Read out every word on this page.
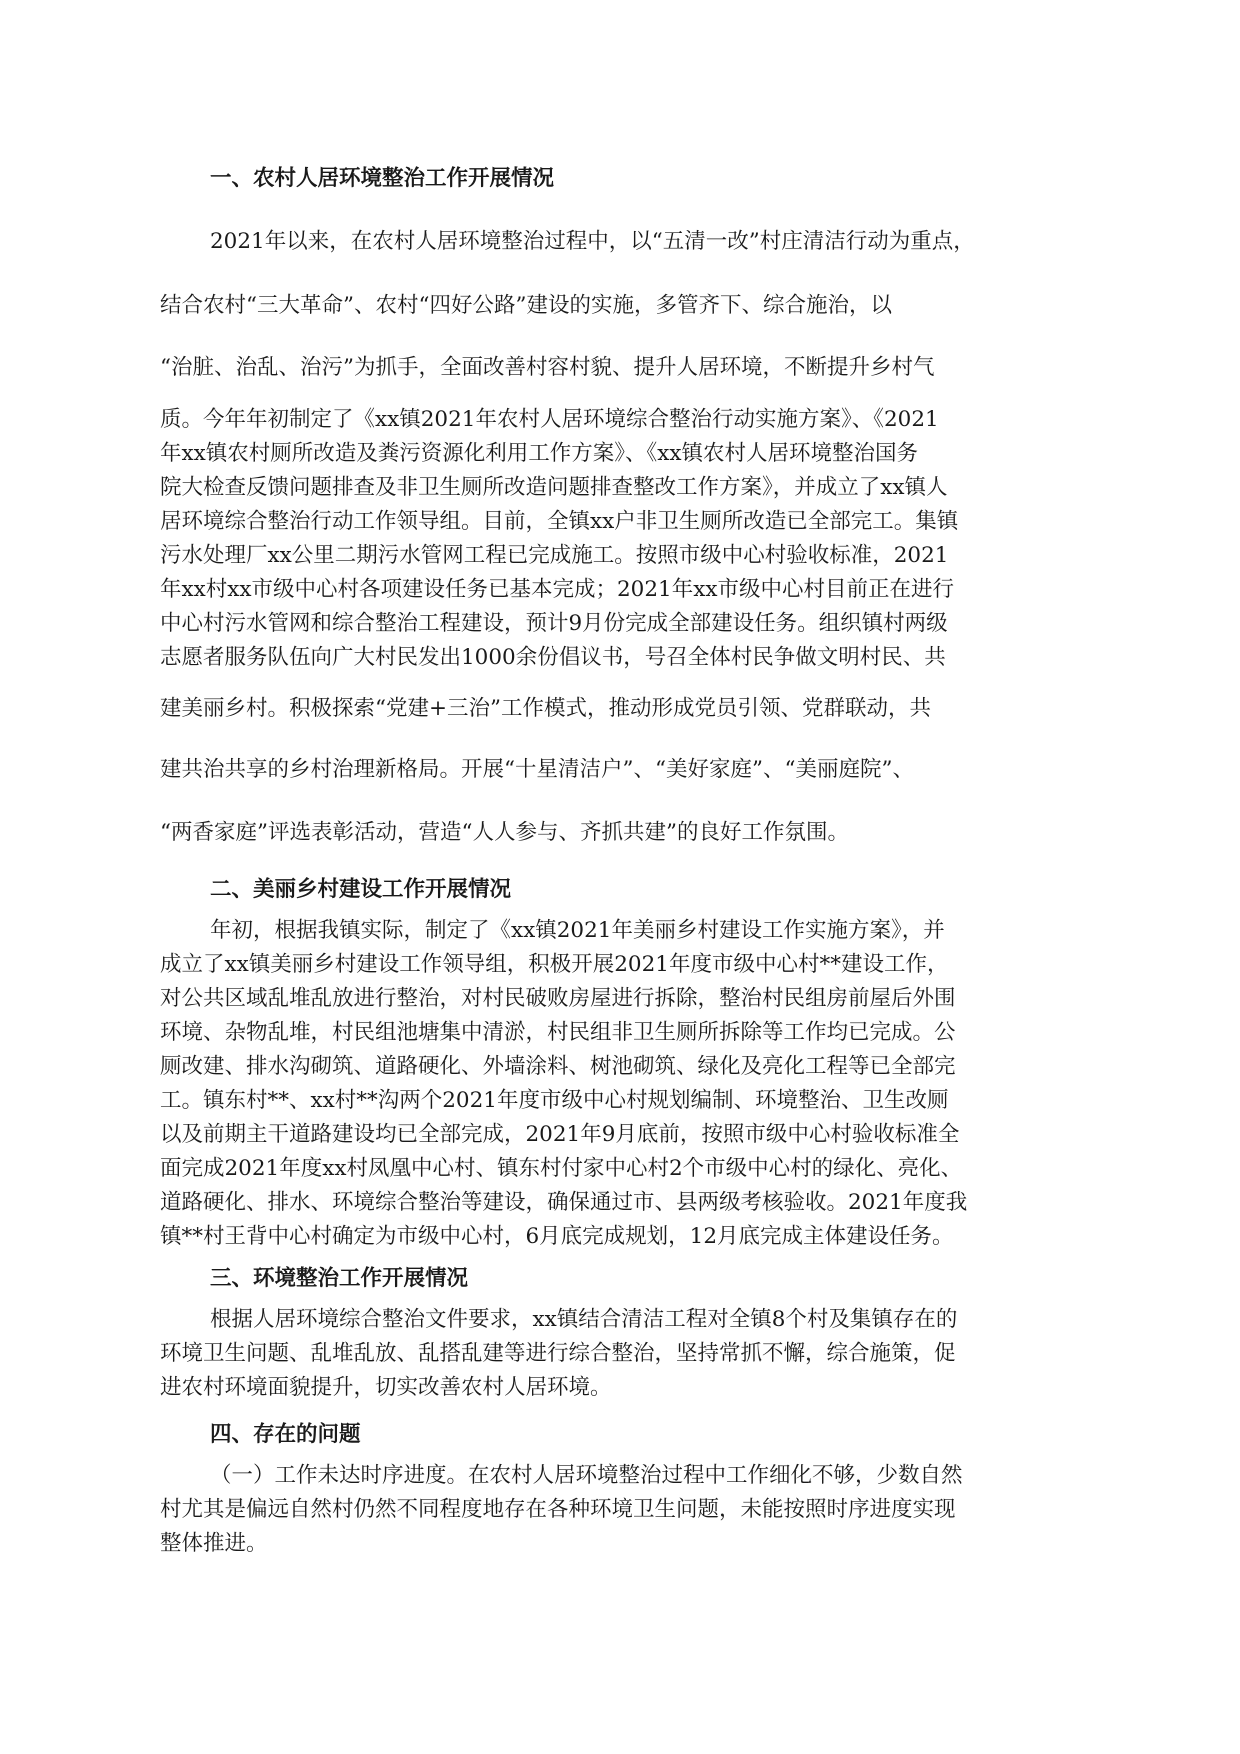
一、农村人居环境整治工作开展情况
2021年以来，在农村人居环境整治过程中，以“五清一改”村庄清洁行动为重点，
结合农村“三大革命”、农村“四好公路”建设的实施，多管齐下、综合施治，以
“治脏、治乱、治污”为抓手，全面改善村容村貌、提升人居环境，不断提升乡村气
质。今年年初制定了《xx镇2021年农村人居环境综合整治行动实施方案》、《2021
年xx镇农村厕所改造及粪污资源化利用工作方案》、《xx镇农村人居环境整治国务
院大检查反馈问题排查及非卫生厕所改造问题排查整改工作方案》，并成立了xx镇人
居环境综合整治行动工作领导组。目前，全镇xx户非卫生厕所改造已全部完工。集镇
污水处理厂xx公里二期污水管网工程已完成施工。按照市级中心村验收标准，2021
年xx村xx市级中心村各项建设任务已基本完成；2021年xx市级中心村目前正在进行
中心村污水管网和综合整治工程建设，预计9月份完成全部建设任务。组织镇村两级
志愿者服务队伍向广大村民发出1000余份倡议书，号召全体村民争做文明村民、共
建美丽乡村。积极探索“党建+三治”工作模式，推动形成党员引领、党群联动，共
建共治共享的乡村治理新格局。开展“十星清洁户”、“美好家庭”、“美丽庭院”、
“两香家庭”评选表彰活动，营造“人人参与、齐抓共建”的良好工作氛围。
二、美丽乡村建设工作开展情况
年初，根据我镇实际，制定了《xx镇2021年美丽乡村建设工作实施方案》，并
成立了xx镇美丽乡村建设工作领导组，积极开展2021年度市级中心村**建设工作，
对公共区域乱堆乱放进行整治，对村民破败房屋进行拆除，整治村民组房前屋后外围
环境、杂物乱堆，村民组池塘集中清淤，村民组非卫生厕所拆除等工作均已完成。公
厕改建、排水沟砌筑、道路硬化、外墙涂料、树池砌筑、绿化及亮化工程等已全部完
工。镇东村**、xx村**沟两个2021年度市级中心村规划编制、环境整治、卫生改厕
以及前期主干道路建设均已全部完成，2021年9月底前，按照市级中心村验收标准全
面完成2021年度xx村凤凰中心村、镇东村付家中心村2个市级中心村的绿化、亮化、
道路硬化、排水、环境综合整治等建设，确保通过市、县两级考核验收。2021年度我
镇**村王背中心村确定为市级中心村，6月底完成规划，12月底完成主体建设任务。
三、环境整治工作开展情况
根据人居环境综合整治文件要求，xx镇结合清洁工程对全镇8个村及集镇存在的
环境卫生问题、乱堆乱放、乱搭乱建等进行综合整治，坚持常抓不懈，综合施策，促
进农村环境面貌提升，切实改善农村人居环境。
四、存在的问题
（一）工作未达时序进度。在农村人居环境整治过程中工作细化不够，少数自然
村尤其是偏远自然村仍然不同程度地存在各种环境卫生问题，未能按照时序进度实现
整体推进。
